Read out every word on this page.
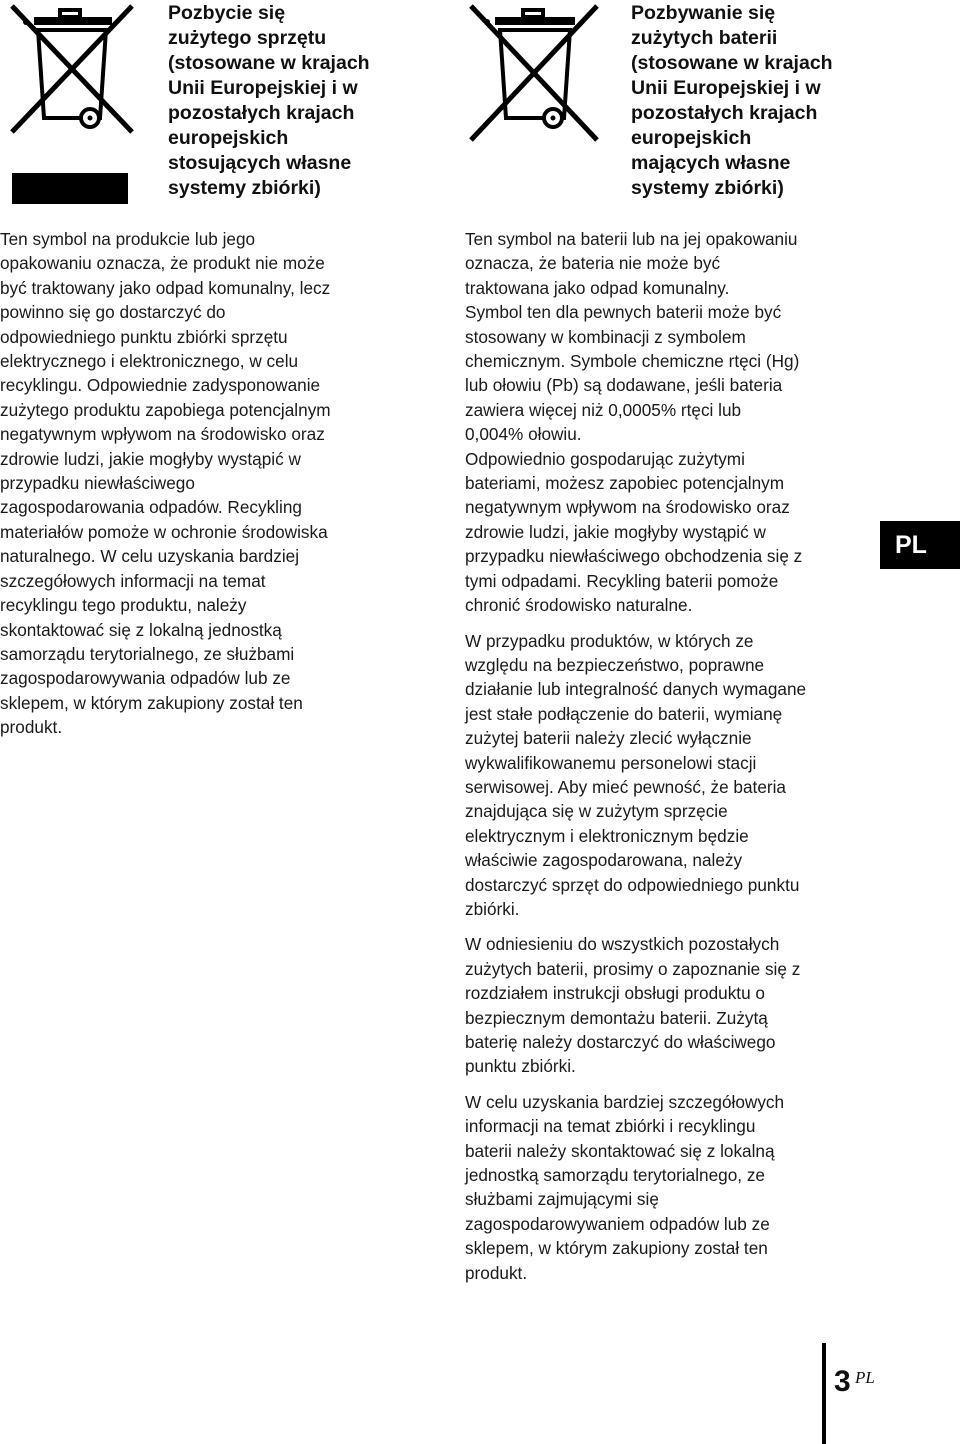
Pozbycie się
zużytego sprzętu
(stosowane w krajach
Unii Europejskiej i w
pozostałych krajach
europejskich
stosujących własne
systemy zbiórki)

Ten symbol na produkcie lub jego
opakowaniu oznacza, że produkt nie może
być traktowany jako odpad komunalny, lecz
powinno się go dostarczyć do
odpowiedniego punktu zbiórki sprzętu
elektrycznego i elektronicznego, w celu
recyklingu. Odpowiednie zadysponowanie
zużytego produktu zapobiega potencjalnym
negatywnym wpływom na środowisko oraz
zdrowie ludzi, jakie mogłyby wystąpić w
przypadku niewłaściwego
zagospodarowania odpadów. Recykling
materiałów pomoże w ochronie środowiska
naturalnego. W celu uzyskania bardziej
szczegółowych informacji na temat
recyklingu tego produktu, należy
skontaktować się z lokalną jednostką
samorządu terytorialnego, ze służbami
zagospodarowywania odpadów lub ze
sklepem, w którym zakupiony został ten
produkt.

Pozbywanie się
zużytych baterii
(stosowane w krajach
Unii Europejskiej i w
pozostałych krajach
europejskich
mających własne
systemy zbiórki)

Ten symbol na baterii lub na jej opakowaniu
oznacza, że bateria nie może być
traktowana jako odpad komunalny.

Symbol ten dla pewnych baterii może być
stosowany w kombinacji z symbolem
chemicznym. Symbole chemiczne rtęci (Hg)
lub ołowiu (Pb) są dodawane, jeśli bateria
zawiera więcej niż 0,0005% rtęci lub
0,004% ołowiu.

Odpowiednio gospodarując zużytymi
bateriami, możesz zapobiec potencjalnym
negatywnym wpływom na środowisko oraz
zdrowie ludzi, jakie mogłyby wystąpić w
przypadku niewłaściwego obchodzenia się z
tymi odpadami. Recykling baterii pomoże
chronić środowisko naturalne.

W przypadku produktów, w których ze
względu na bezpieczeństwo, poprawne
działanie lub integralność danych wymagane
jest stałe podłączenie do baterii, wymianę
zużytej baterii należy zlecić wyłącznie
wykwalifikowanemu personelowi stacji
serwisowej. Aby mieć pewność, że bateria
znajdująca się w zużytym sprzęcie
elektrycznym i elektronicznym będzie
właściwie zagospodarowana, należy
dostarczyć sprzęt do odpowiedniego punktu
zbiórki.

W odniesieniu do wszystkich pozostałych
zużytych baterii, prosimy o zapoznanie się z
rozdziałem instrukcji obsługi produktu o
bezpiecznym demontażu baterii. Zużytą
baterię należy dostarczyć do właściwego
punktu zbiórki.

W celu uzyskania bardziej szczegółowych
informacji na temat zbiórki i recyklingu
baterii należy skontaktować się z lokalną
jednostką samorządu terytorialnego, ze
służbami zajmującymi się
zagospodarowywaniem odpadów lub ze
sklepem, w którym zakupiony został ten
produkt.

PL
3 PL
